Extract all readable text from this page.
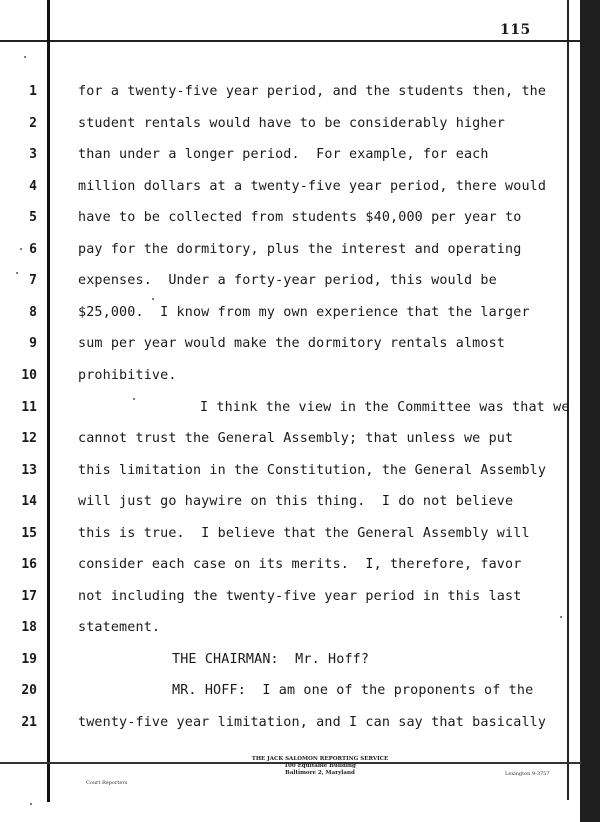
115
1	for a twenty-five year period, and the students then, the
2	student rentals would have to be considerably higher
3	than under a longer period.  For example, for each
4	million dollars at a twenty-five year period, there would
5	have to be collected from students $40,000 per year to
6	pay for the dormitory, plus the interest and operating
7	expenses.  Under a forty-year period, this would be
8	$25,000.  I know from my own experience that the larger
9	sum per year would make the dormitory rentals almost
10	prohibitive.
11	I think the view in the Committee was that we
12	cannot trust the General Assembly; that unless we put
13	this limitation in the Constitution, the General Assembly
14	will just go haywire on this thing.  I do not believe
15	this is true.  I believe that the General Assembly will
16	consider each case on its merits.  I, therefore, favor
17	not including the twenty-five year period in this last
18	statement.
19	THE CHAIRMAN:  Mr. Hoff?
20	MR. HOFF:  I am one of the proponents of the
21	twenty-five year limitation, and I can say that basically
THE JACK SALOMON REPORTING SERVICE
100 Equitable Building
Baltimore 2, Maryland
Court Reporters
Lexington 9-3757
